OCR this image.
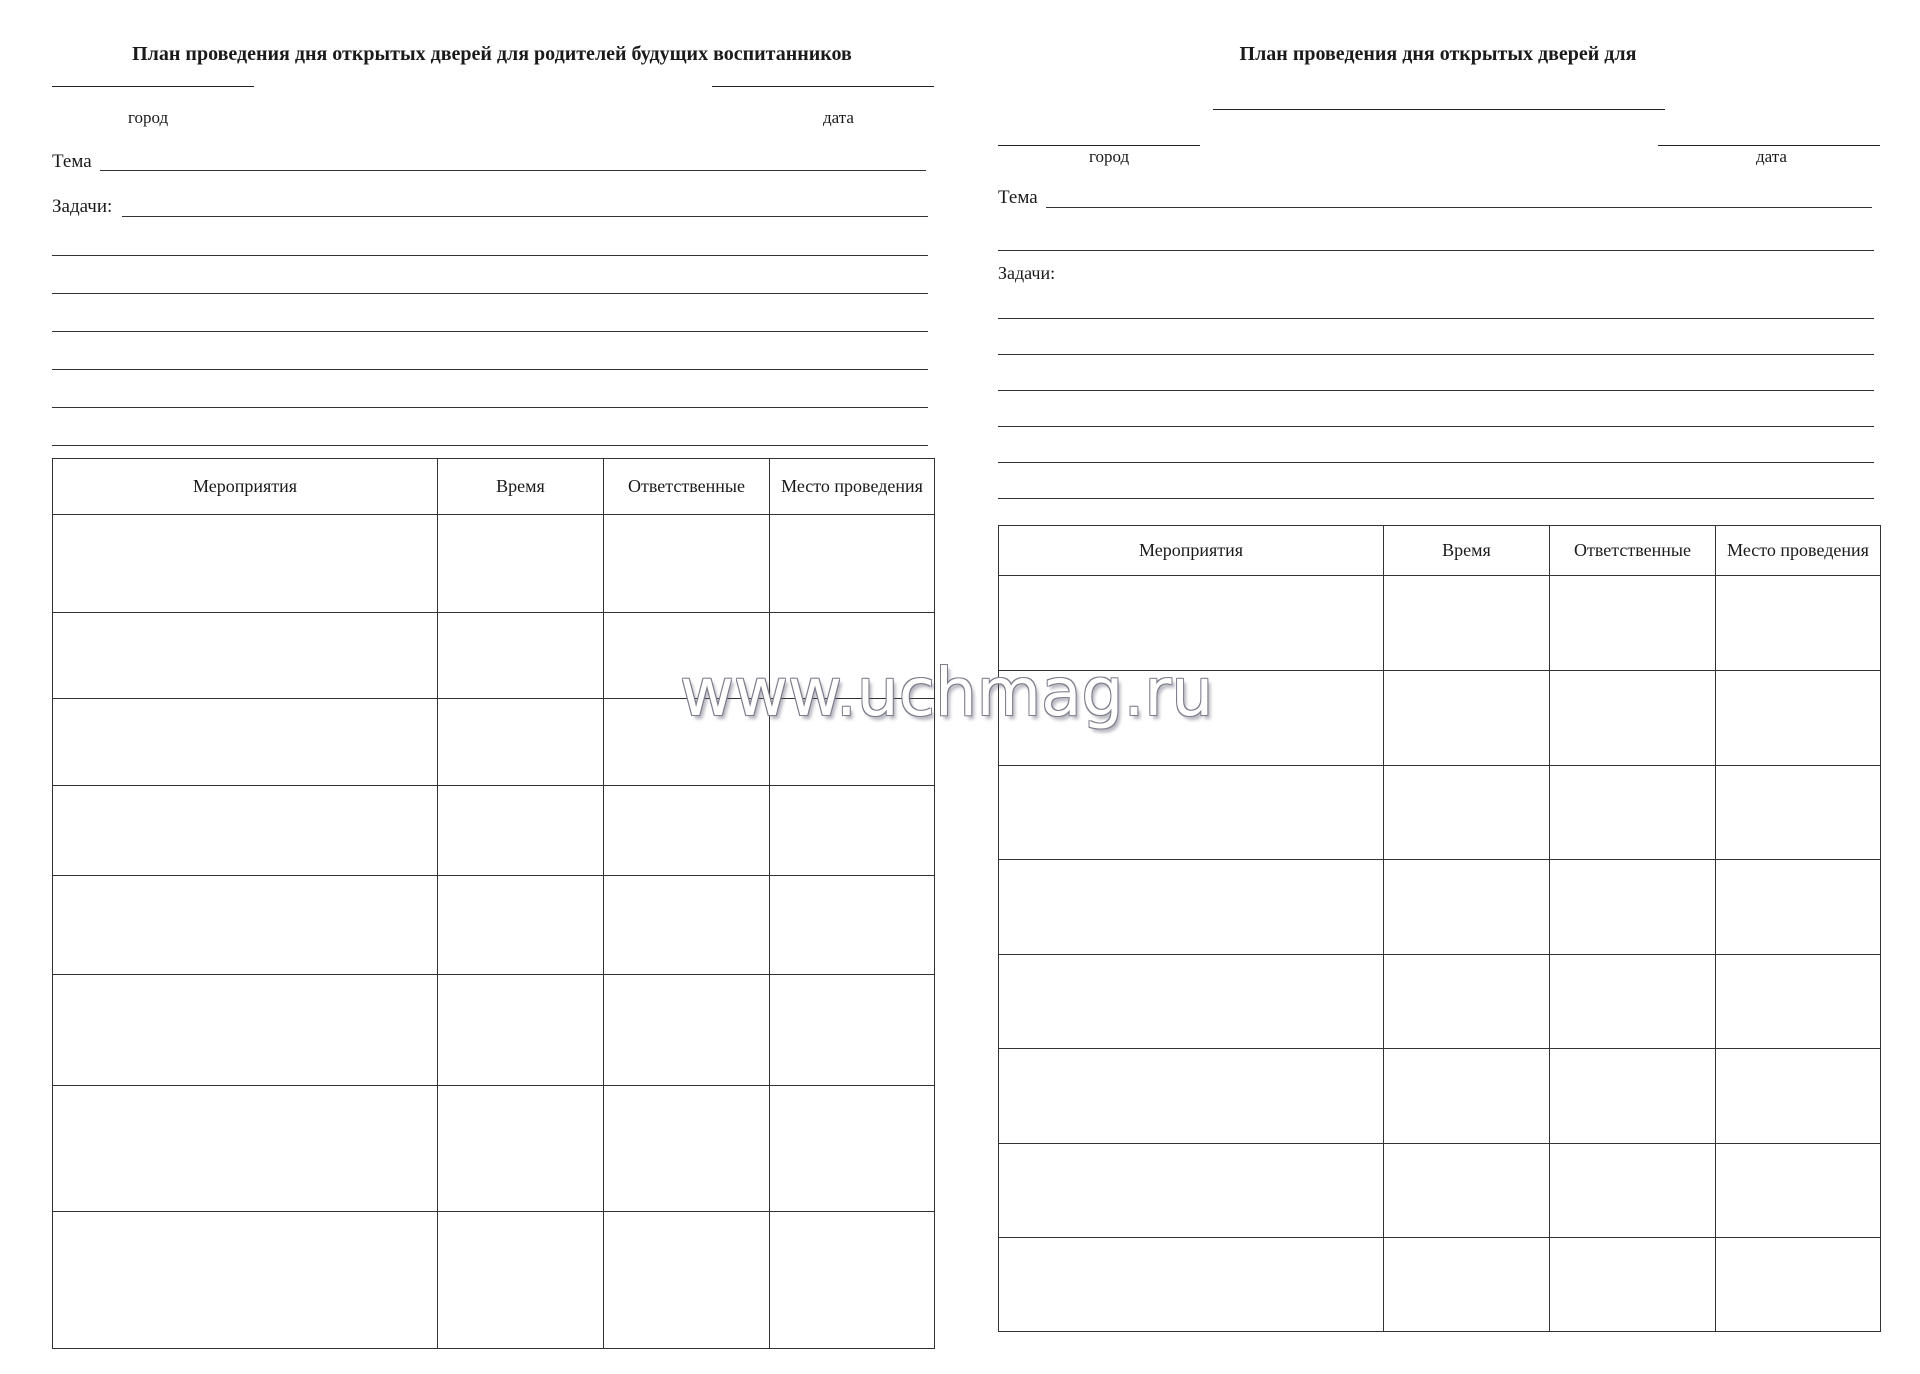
План проведения дня открытых дверей для родителей будущих воспитанников
город	дата
Тема
Задачи:
Мероприятия	Время	Ответственные	Место проведения

План проведения дня открытых дверей для
город	дата
Тема
Задачи:
Мероприятия	Время	Ответственные	Место проведения

www.uchmag.ru
